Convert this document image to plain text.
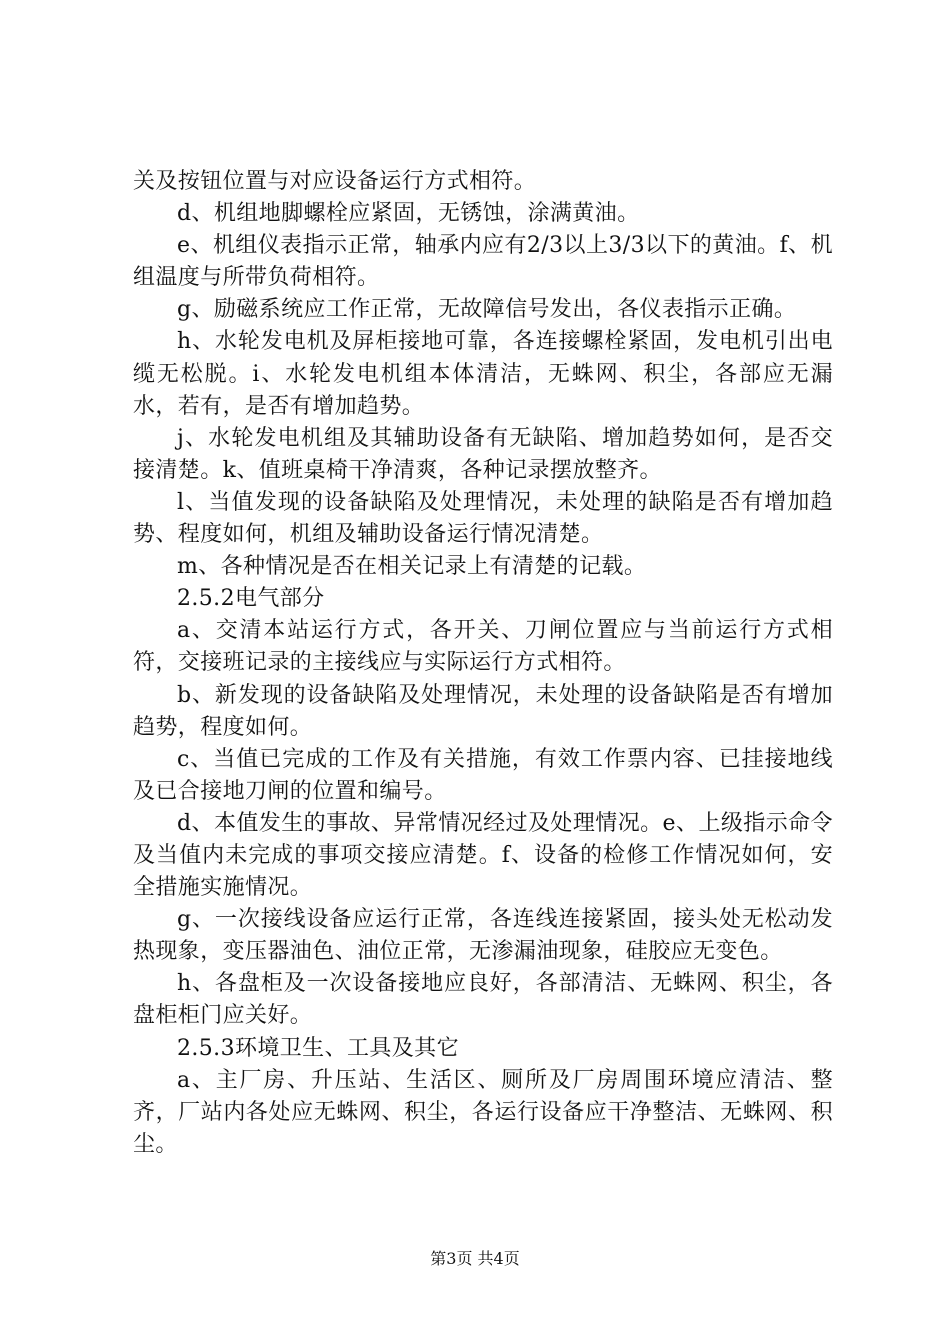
关及按钮位置与对应设备运行方式相符。

d、机组地脚螺栓应紧固，无锈蚀，涂满黄油。

e、机组仪表指示正常，轴承内应有2/3以上3/3以下的黄油。f、机组温度与所带负荷相符。

g、励磁系统应工作正常，无故障信号发出，各仪表指示正确。

h、水轮发电机及屏柜接地可靠，各连接螺栓紧固，发电机引出电缆无松脱。i、水轮发电机组本体清洁，无蛛网、积尘，各部应无漏水，若有，是否有增加趋势。

j、水轮发电机组及其辅助设备有无缺陷、增加趋势如何，是否交接清楚。k、值班桌椅干净清爽，各种记录摆放整齐。

l、当值发现的设备缺陷及处理情况，未处理的缺陷是否有增加趋势、程度如何，机组及辅助设备运行情况清楚。

m、各种情况是否在相关记录上有清楚的记载。

2.5.2电气部分

a、交清本站运行方式，各开关、刀闸位置应与当前运行方式相符，交接班记录的主接线应与实际运行方式相符。

b、新发现的设备缺陷及处理情况，未处理的设备缺陷是否有增加趋势，程度如何。

c、当值已完成的工作及有关措施，有效工作票内容、已挂接地线及已合接地刀闸的位置和编号。

d、本值发生的事故、异常情况经过及处理情况。e、上级指示命令及当值内未完成的事项交接应清楚。f、设备的检修工作情况如何，安全措施实施情况。

g、一次接线设备应运行正常，各连线连接紧固，接头处无松动发热现象，变压器油色、油位正常，无渗漏油现象，硅胶应无变色。

h、各盘柜及一次设备接地应良好，各部清洁、无蛛网、积尘，各盘柜柜门应关好。

2.5.3环境卫生、工具及其它

a、主厂房、升压站、生活区、厕所及厂房周围环境应清洁、整齐，厂站内各处应无蛛网、积尘，各运行设备应干净整洁、无蛛网、积尘。

第3页 共4页
